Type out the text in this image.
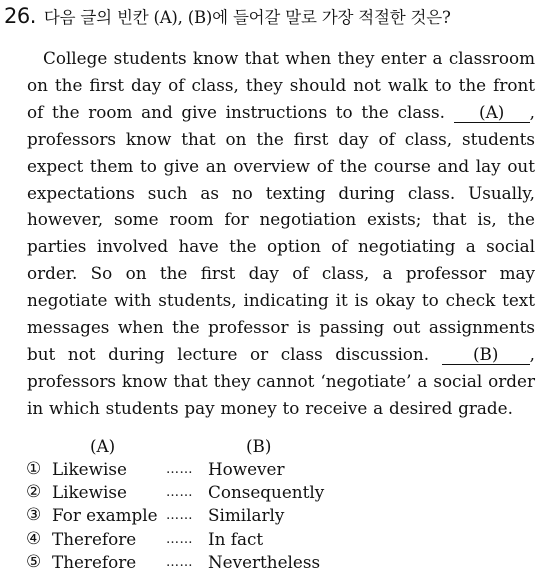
26. 다음 글의 빈칸 (A), (B)에 들어갈 말로 가장 적절한 것은?

College students know that when they enter a classroom on the first day of class, they should not walk to the front of the room and give instructions to the class. (A) , professors know that on the first day of class, students expect them to give an overview of the course and lay out expectations such as no texting during class. Usually, however, some room for negotiation exists; that is, the parties involved have the option of negotiating a social order. So on the first day of class, a professor may negotiate with students, indicating it is okay to check text messages when the professor is passing out assignments but not during lecture or class discussion.	(B) , professors know that they cannot ‘negotiate’ a social order in which students pay money to receive a desired grade.

(A)	(B)
① Likewise	…… However
② Likewise	…… Consequently
③ For example …… Similarly
④ Therefore …… In fact
⑤ Therefore …… Nevertheless
